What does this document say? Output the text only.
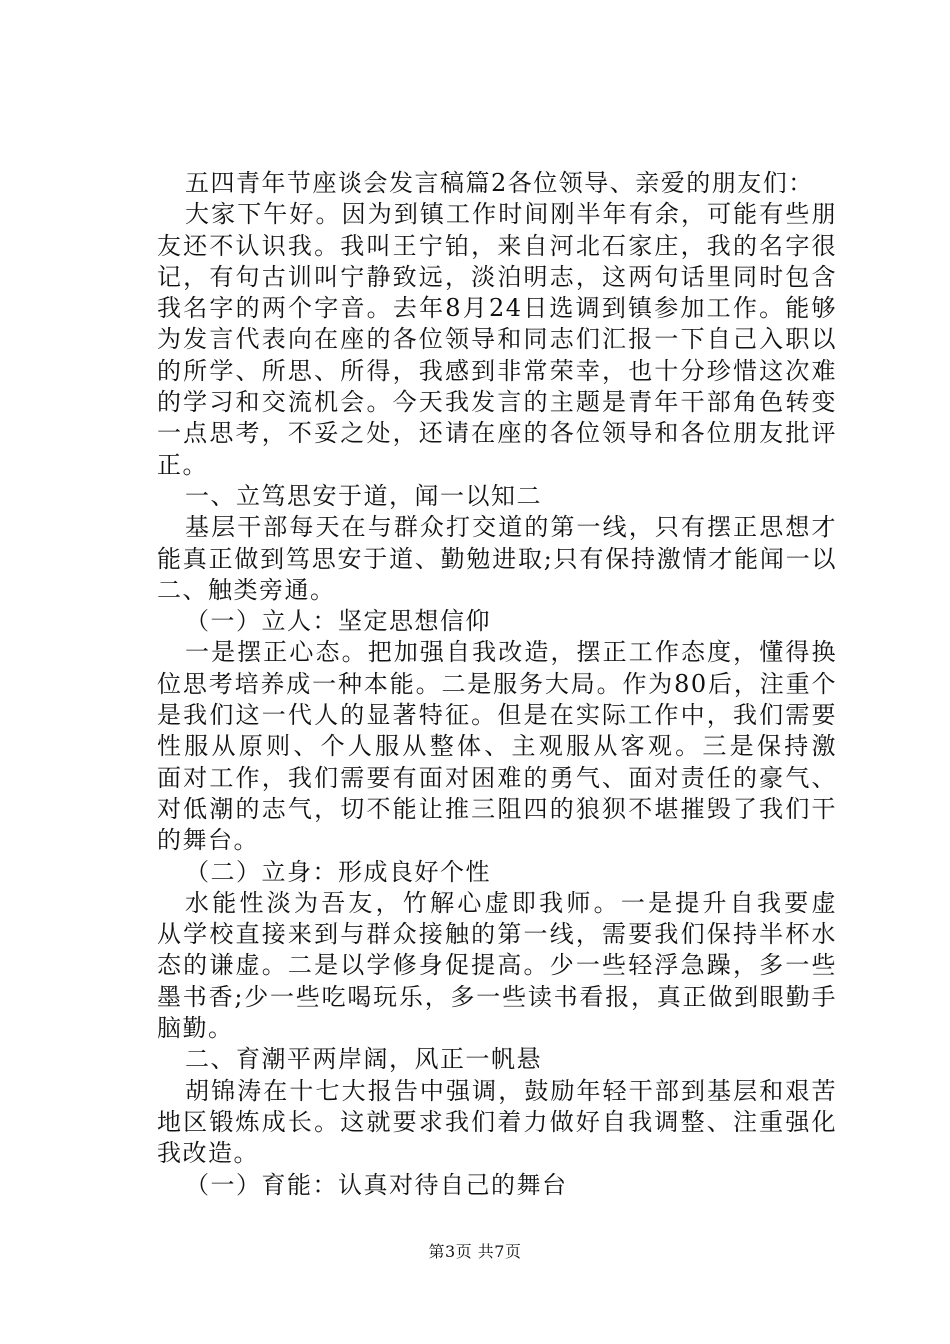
五四青年节座谈会发言稿篇2各位领导、亲爱的朋友们：
大家下午好。因为到镇工作时间刚半年有余，可能有些朋
友还不认识我。我叫王宁铂，来自河北石家庄，我的名字很
记，有句古训叫宁静致远，淡泊明志，这两句话里同时包含
我名字的两个字音。去年8月24日选调到镇参加工作。能够
为发言代表向在座的各位领导和同志们汇报一下自己入职以
的所学、所思、所得，我感到非常荣幸，也十分珍惜这次难
的学习和交流机会。今天我发言的主题是青年干部角色转变
一点思考，不妥之处，还请在座的各位领导和各位朋友批评
正。
一、立笃思安于道，闻一以知二
基层干部每天在与群众打交道的第一线，只有摆正思想才
能真正做到笃思安于道、勤勉进取;只有保持激情才能闻一以
二、触类旁通。
（一）立人：坚定思想信仰
一是摆正心态。把加强自我改造，摆正工作态度，懂得换
位思考培养成一种本能。二是服务大局。作为80后，注重个
是我们这一代人的显著特征。但是在实际工作中，我们需要
性服从原则、个人服从整体、主观服从客观。三是保持激
面对工作，我们需要有面对困难的勇气、面对责任的豪气、
对低潮的志气，切不能让推三阻四的狼狈不堪摧毁了我们干
的舞台。
（二）立身：形成良好个性
水能性淡为吾友，竹解心虚即我师。一是提升自我要虚
从学校直接来到与群众接触的第一线，需要我们保持半杯水
态的谦虚。二是以学修身促提高。少一些轻浮急躁，多一些
墨书香;少一些吃喝玩乐，多一些读书看报，真正做到眼勤手
脑勤。
二、育潮平两岸阔，风正一帆悬
胡锦涛在十七大报告中强调，鼓励年轻干部到基层和艰苦
地区锻炼成长。这就要求我们着力做好自我调整、注重强化
我改造。
（一）育能：认真对待自己的舞台
第3页 共7页
